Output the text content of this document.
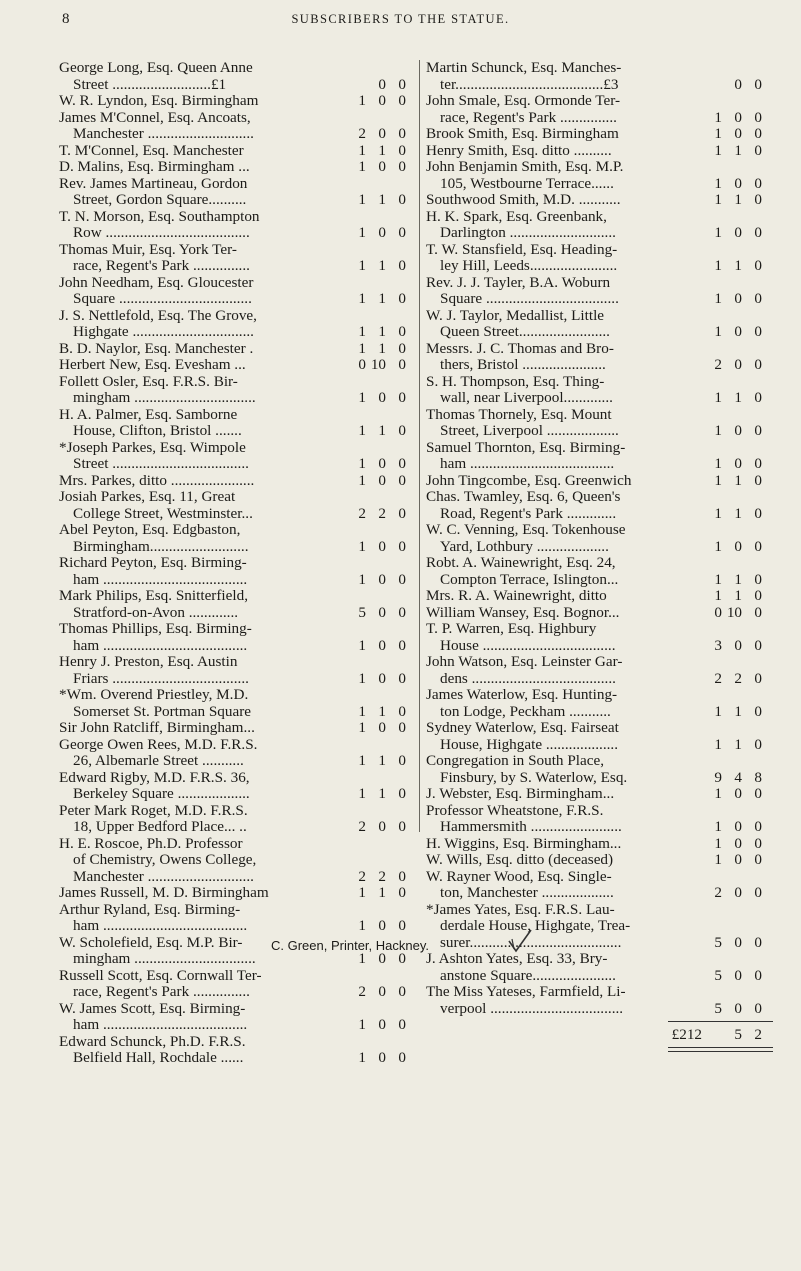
8	SUBSCRIBERS TO THE STATUE.
George Long, Esq. Queen Anne
Street ..........................£1	0 0
W. R. Lyndon, Esq. Birmingham	1 0 0
James M'Connel, Esq. Ancoats,
Manchester ............................	2 0 0
T. M'Connel, Esq. Manchester	1 1 0
D. Malins, Esq. Birmingham ...	1 0 0
Rev. James Martineau, Gordon
Street, Gordon Square..........	1 1 0
T. N. Morson, Esq. Southampton
Row ......................................	1 0 0
Thomas Muir, Esq. York Ter-
race, Regent's Park ...............	1 1 0
John Needham, Esq. Gloucester
Square ...................................	1 1 0
J. S. Nettlefold, Esq. The Grove,
Highgate ................................	1 1 0
B. D. Naylor, Esq. Manchester .	1 1 0
Herbert New, Esq. Evesham ...	0 10 0
Follett Osler, Esq. F.R.S. Bir-
mingham ................................	1 0 0
H. A. Palmer, Esq. Samborne
House, Clifton, Bristol .......	1 1 0
*Joseph Parkes, Esq. Wimpole
Street ....................................	1 0 0
Mrs. Parkes, ditto ......................	1 0 0
Josiah Parkes, Esq. 11, Great
College Street, Westminster...	2 2 0
Abel Peyton, Esq. Edgbaston,
Birmingham..........................	1 0 0
Richard Peyton, Esq. Birming-
ham ......................................	1 0 0
Mark Philips, Esq. Snitterfield,
Stratford-on-Avon .............	5 0 0
Thomas Phillips, Esq. Birming-
ham ......................................	1 0 0
Henry J. Preston, Esq. Austin
Friars ....................................	1 0 0
*Wm. Overend Priestley, M.D.
Somerset St. Portman Square	1 1 0
Sir John Ratcliff, Birmingham...	1 0 0
George Owen Rees, M.D. F.R.S.
26, Albemarle Street ...........	1 1 0
Edward Rigby, M.D. F.R.S. 36,
Berkeley Square ...................	1 1 0
Peter Mark Roget, M.D. F.R.S.
18, Upper Bedford Place... ..	2 0 0
H. E. Roscoe, Ph.D. Professor
of Chemistry, Owens College,
Manchester ............................	2 2 0
James Russell, M. D. Birmingham	1 1 0
Arthur Ryland, Esq. Birming-
ham ......................................	1 0 0
W. Scholefield, Esq. M.P. Bir-
mingham ................................	1 0 0
Russell Scott, Esq. Cornwall Ter-
race, Regent's Park ...............	2 0 0
W. James Scott, Esq. Birming-
ham ......................................	1 0 0
Edward Schunck, Ph.D. F.R.S.
Belfield Hall, Rochdale ......	1 0 0
Martin Schunck, Esq. Manches-
ter.......................................£3	0 0
John Smale, Esq. Ormonde Ter-
race, Regent's Park ...............	1 0 0
Brook Smith, Esq. Birmingham	1 0 0
Henry Smith, Esq. ditto ..........	1 1 0
John Benjamin Smith, Esq. M.P.
105, Westbourne Terrace......	1 0 0
Southwood Smith, M.D. ...........	1 1 0
H. K. Spark, Esq. Greenbank,
Darlington ............................	1 0 0
T. W. Stansfield, Esq. Heading-
ley Hill, Leeds.......................	1 1 0
Rev. J. J. Tayler, B.A. Woburn
Square ...................................	1 0 0
W. J. Taylor, Medallist, Little
Queen Street........................	1 0 0
Messrs. J. C. Thomas and Bro-
thers, Bristol ......................	2 0 0
S. H. Thompson, Esq. Thing-
wall, near Liverpool.............	1 1 0
Thomas Thornely, Esq. Mount
Street, Liverpool ...................	1 0 0
Samuel Thornton, Esq. Birming-
ham ......................................	1 0 0
John Tingcombe, Esq. Greenwich	1 1 0
Chas. Twamley, Esq. 6, Queen's
Road, Regent's Park .............	1 1 0
W. C. Venning, Esq. Tokenhouse
Yard, Lothbury ...................	1 0 0
Robt. A. Wainewright, Esq. 24,
Compton Terrace, Islington...	1 1 0
Mrs. R. A. Wainewright, ditto	1 1 0
William Wansey, Esq. Bognor...	0 10 0
T. P. Warren, Esq. Highbury
House ...................................	3 0 0
John Watson, Esq. Leinster Gar-
dens ......................................	2 2 0
James Waterlow, Esq. Hunting-
ton Lodge, Peckham ...........	1 1 0
Sydney Waterlow, Esq. Fairseat
House, Highgate ...................	1 1 0
Congregation in South Place,
Finsbury, by S. Waterlow, Esq.	9 4 8
J. Webster, Esq. Birmingham...	1 0 0
Professor Wheatstone, F.R.S.
Hammersmith ........................	1 0 0
H. Wiggins, Esq. Birmingham...	1 0 0
W. Wills, Esq. ditto (deceased)	1 0 0
W. Rayner Wood, Esq. Single-
ton, Manchester ...................	2 0 0
*James Yates, Esq. F.R.S. Lau-
derdale House, Highgate, Trea-
surer........................................	5 0 0
J. Ashton Yates, Esq. 33, Bry-
anstone Square......................	5 0 0
The Miss Yateses, Farmfield, Li-
verpool ...................................	5 0 0
£212	5 2
C. Green, Printer, Hackney.
